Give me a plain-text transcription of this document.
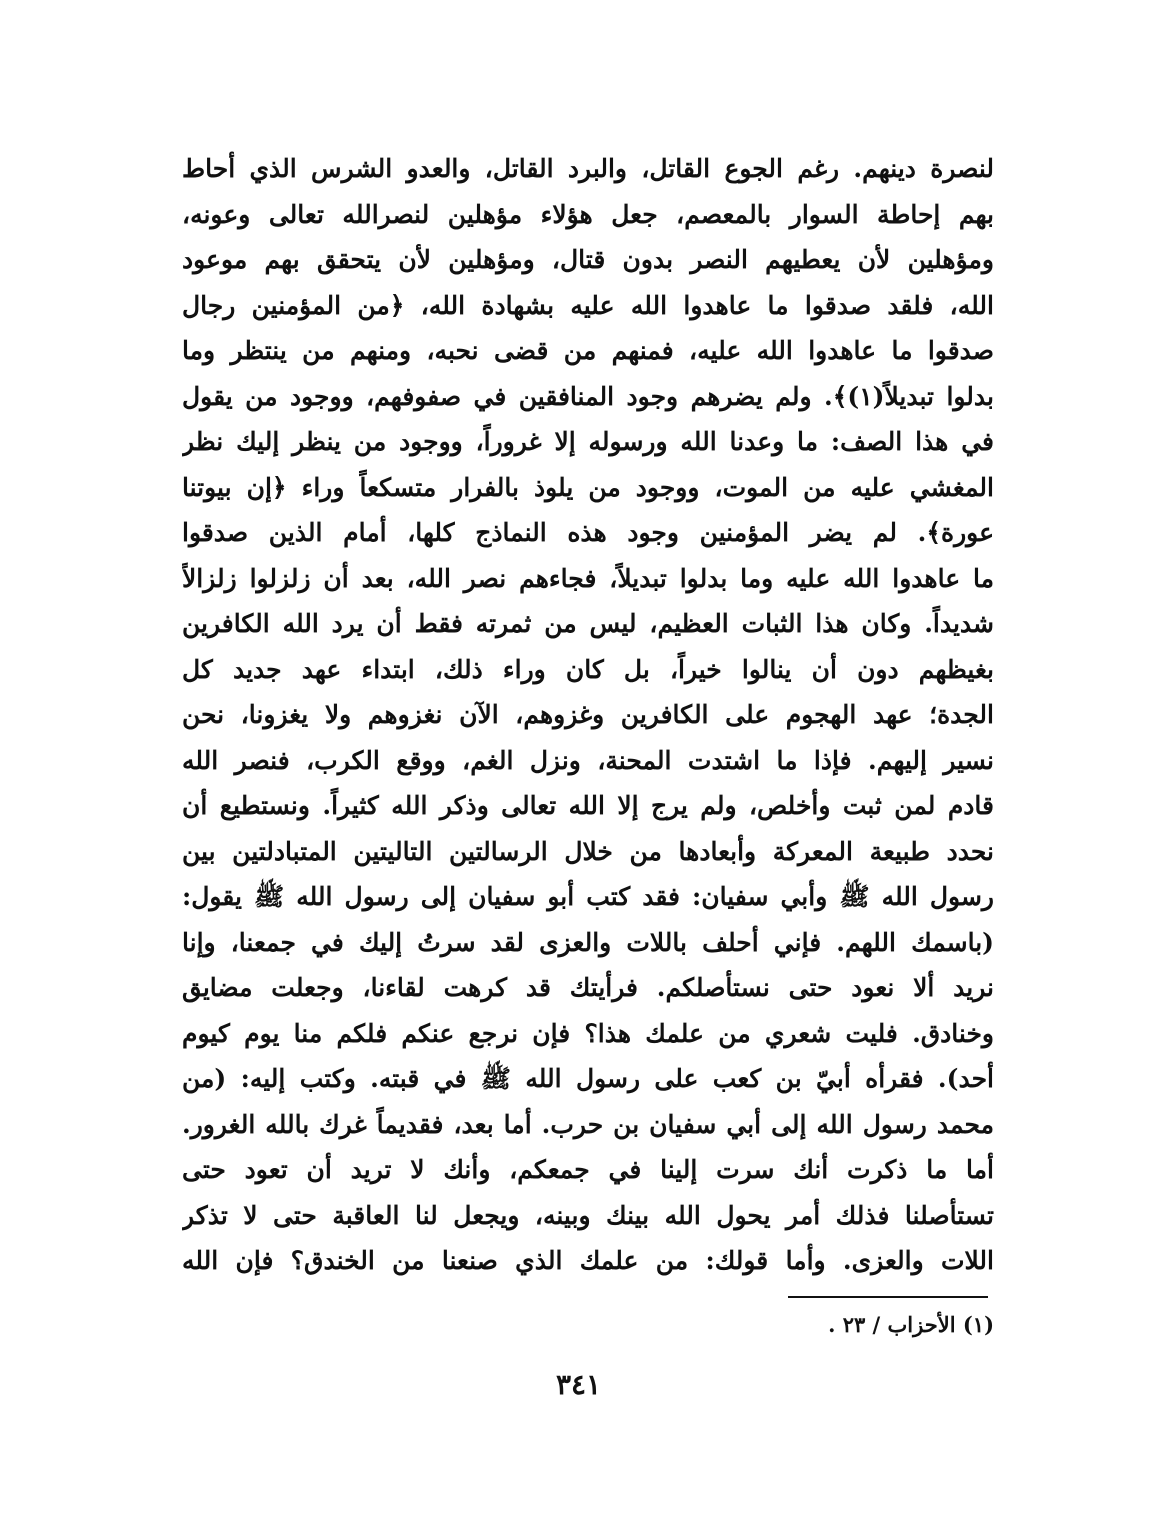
لنصرة دينهم. رغم الجوع القاتل، والبرد القاتل، والعدو الشرس الذي أحاط
بهم إحاطة السوار بالمعصم، جعل هؤلاء مؤهلين لنصرالله تعالى وعونه،
ومؤهلين لأن يعطيهم النصر بدون قتال، ومؤهلين لأن يتحقق بهم موعود
الله، فلقد صدقوا ما عاهدوا الله عليه بشهادة الله، ﴿من المؤمنين رجال
صدقوا ما عاهدوا الله عليه، فمنهم من قضى نحبه، ومنهم من ينتظر وما
بدلوا تبديلاً(١)﴾. ولم يضرهم وجود المنافقين في صفوفهم، ووجود من يقول
في هذا الصف: ما وعدنا الله ورسوله إلا غروراً، ووجود من ينظر إليك نظر
المغشي عليه من الموت، ووجود من يلوذ بالفرار متسكعاً وراء ﴿إن بيوتنا
عورة﴾. لم يضر المؤمنين وجود هذه النماذج كلها، أمام الذين صدقوا
ما عاهدوا الله عليه وما بدلوا تبديلاً، فجاءهم نصر الله، بعد أن زلزلوا زلزالاً
شديداً. وكان هذا الثبات العظيم، ليس من ثمرته فقط أن يرد الله الكافرين
بغيظهم دون أن ينالوا خيراً، بل كان وراء ذلك، ابتداء عهد جديد كل
الجدة؛ عهد الهجوم على الكافرين وغزوهم، الآن نغزوهم ولا يغزونا، نحن
نسير إليهم. فإذا ما اشتدت المحنة، ونزل الغم، ووقع الكرب، فنصر الله
قادم لمن ثبت وأخلص، ولم يرج إلا الله تعالى وذكر الله كثيراً. ونستطيع أن
نحدد طبيعة المعركة وأبعادها من خلال الرسالتين التاليتين المتبادلتين بين
رسول الله ﷺ وأبي سفيان: فقد كتب أبو سفيان إلى رسول الله ﷺ يقول:
(باسمك اللهم. فإني أحلف باللات والعزى لقد سرتُ إليك في جمعنا، وإنا
نريد ألا نعود حتى نستأصلكم. فرأيتك قد كرهت لقاءنا، وجعلت مضايق
وخنادق. فليت شعري من علمك هذا؟ فإن نرجع عنكم فلكم منا يوم كيوم
أحد). فقرأه أبيّ بن كعب على رسول الله ﷺ في قبته. وكتب إليه: (من
محمد رسول الله إلى أبي سفيان بن حرب. أما بعد، فقديماً غرك بالله الغرور.
أما ما ذكرت أنك سرت إلينا في جمعكم، وأنك لا تريد أن تعود حتى
تستأصلنا فذلك أمر يحول الله بينك وبينه، ويجعل لنا العاقبة حتى لا تذكر
اللات والعزى. وأما قولك: من علمك الذي صنعنا من الخندق؟ فإن الله
(١) الأحزاب / ٢٣ .
٣٤١
